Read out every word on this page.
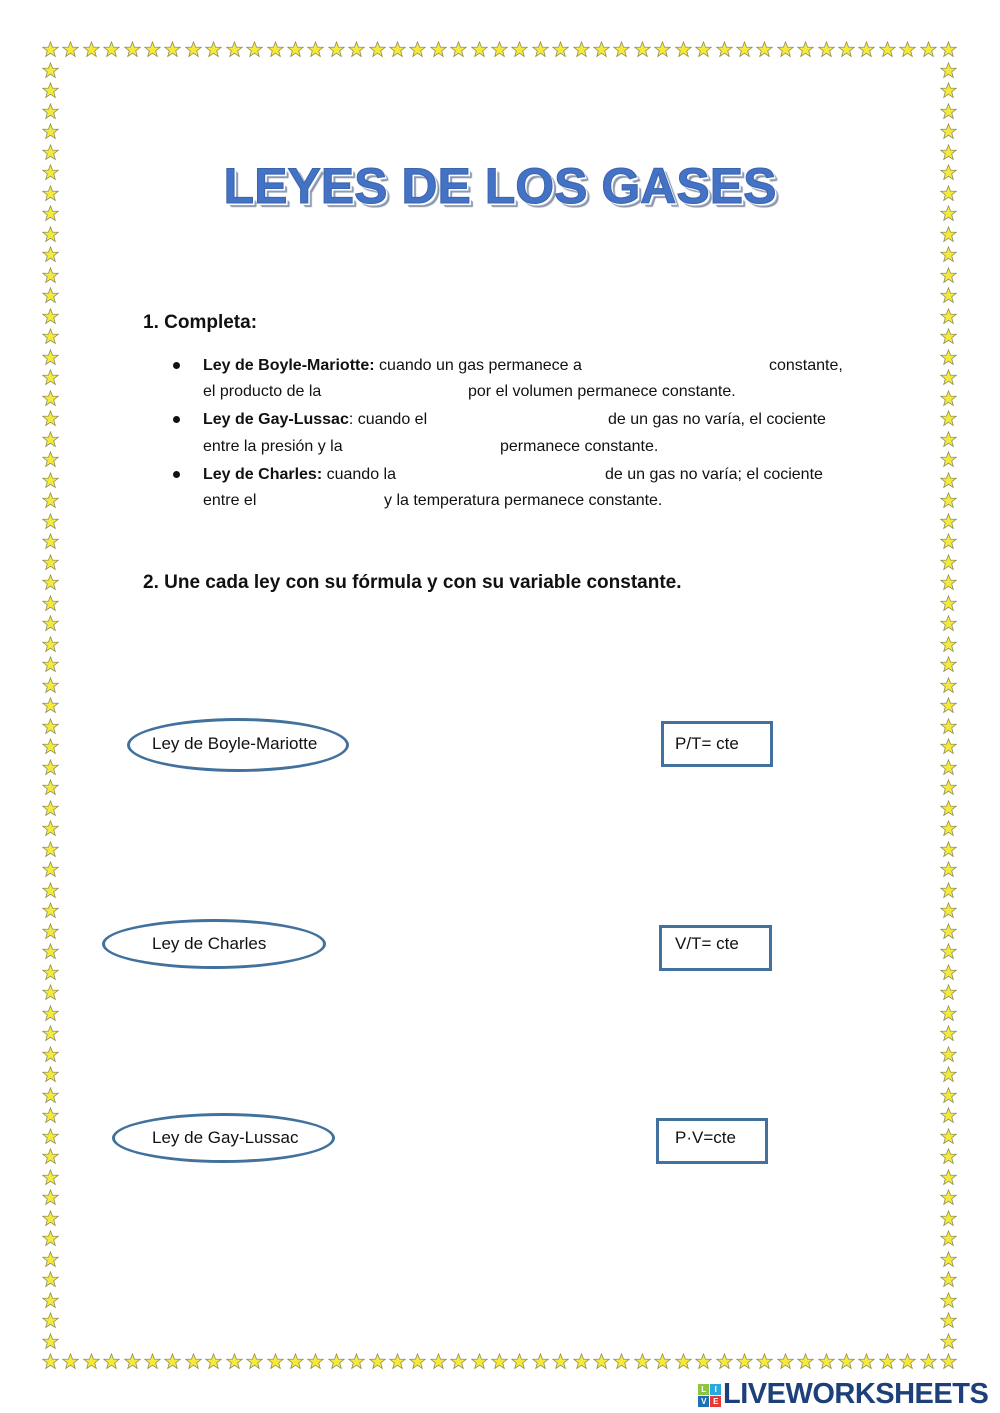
LEYES DE LOS GASES
1. Completa:
Ley de Boyle-Mariotte: cuando un gas permanece a	constante,
el producto de la	por el volumen permanece constante.
Ley de Gay-Lussac: cuando el	de un gas no varía, el cociente
entre la presión y la	permanece constante.
Ley de Charles: cuando la	de un gas no varía; el cociente
entre el	y la temperatura permanece constante.
2. Une cada ley con su fórmula y con su variable constante.
Ley de Boyle-Mariotte
Ley de Charles
Ley de Gay-Lussac
P/T= cte
V/T= cte
P·V=cte
L	I
V E LIVEWORKSHEETS
